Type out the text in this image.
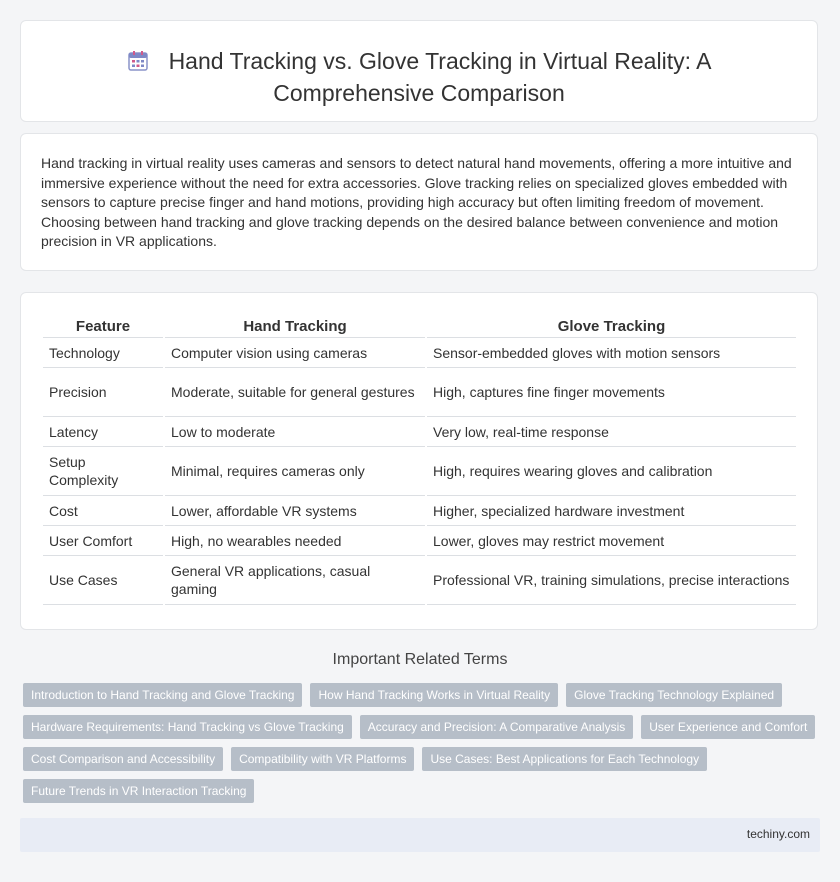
Hand Tracking vs. Glove Tracking in Virtual Reality: A
Comprehensive Comparison

Hand tracking in virtual reality uses cameras and sensors to detect natural hand movements, offering a more intuitive and immersive experience without the need for extra accessories. Glove tracking relies on specialized gloves embedded with sensors to capture precise finger and hand motions, providing high accuracy but often limiting freedom of movement. Choosing between hand tracking and glove tracking depends on the desired balance between convenience and motion precision in VR applications.

Feature	Hand Tracking	Glove Tracking
Technology	Computer vision using cameras	Sensor-embedded gloves with motion sensors
Precision	Moderate, suitable for general gestures	High, captures fine finger movements
Latency	Low to moderate	Very low, real-time response
Setup Complexity	Minimal, requires cameras only	High, requires wearing gloves and calibration
Cost	Lower, affordable VR systems	Higher, specialized hardware investment
User Comfort	High, no wearables needed	Lower, gloves may restrict movement
Use Cases	General VR applications, casual gaming	Professional VR, training simulations, precise interactions
Important Related Terms
Introduction to Hand Tracking and Glove Tracking	How Hand Tracking Works in Virtual Reality	Glove Tracking Technology Explained
Hardware Requirements: Hand Tracking vs Glove Tracking	Accuracy and Precision: A Comparative Analysis	User Experience and Comfort
Cost Comparison and Accessibility	Compatibility with VR Platforms	Use Cases: Best Applications for Each Technology
Future Trends in VR Interaction Tracking
techiny.com
